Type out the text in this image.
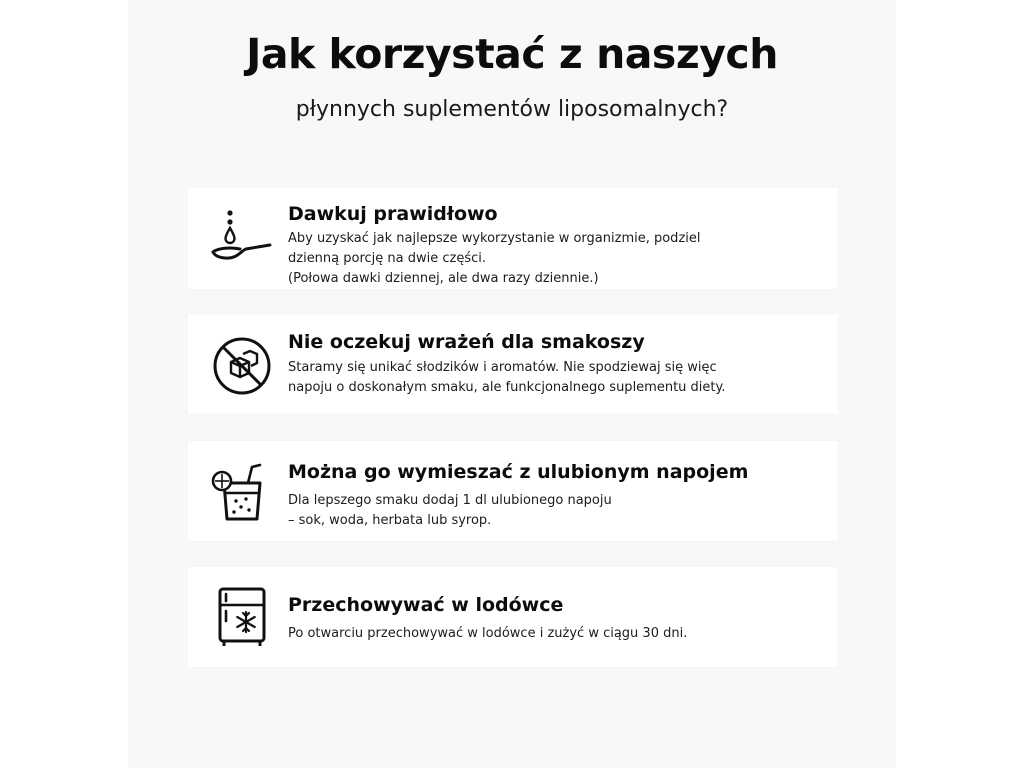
Jak korzystać z naszych

płynnych suplementów liposomalnych?

Dawkuj prawidłowo
Aby uzyskać jak najlepsze wykorzystanie w organizmie, podziel
dzienną porcję na dwie części.
(Połowa dawki dziennej, ale dwa razy dziennie.)
Nie oczekuj wrażeń dla smakoszy
Staramy się unikać słodzików i aromatów. Nie spodziewaj się więc
napoju o doskonałym smaku, ale funkcjonalnego suplementu diety.
Można go wymieszać z ulubionym napojem
Dla lepszego smaku dodaj 1 dl ulubionego napoju
– sok, woda, herbata lub syrop.
Przechowywać w lodówce
Po otwarciu przechowywać w lodówce i zużyć w ciągu 30 dni.
